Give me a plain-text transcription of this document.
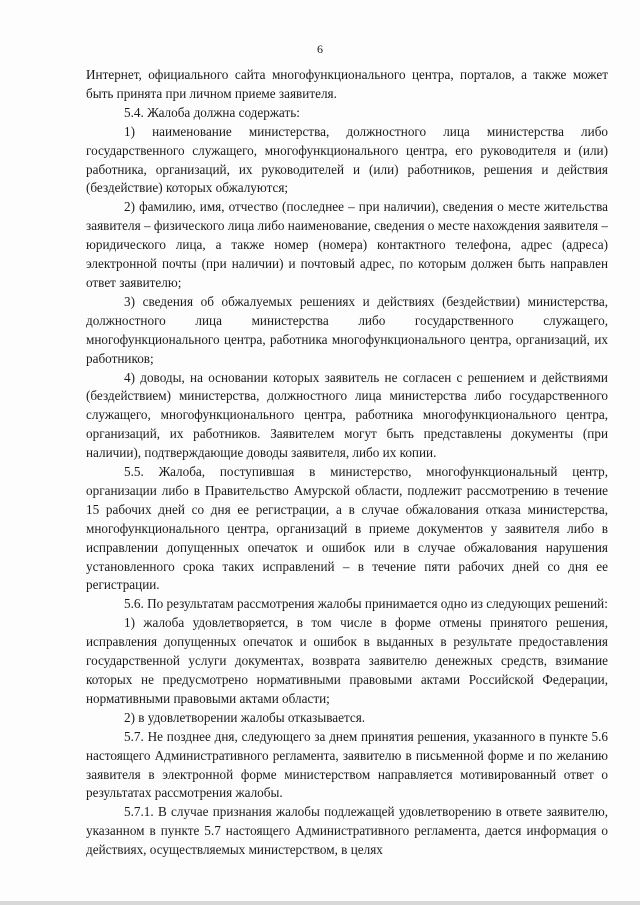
6

Интернет, официального сайта многофункционального центра, порталов, а также может быть принята при личном приеме заявителя.

5.4. Жалоба должна содержать:

1) наименование министерства, должностного лица министерства либо государственного служащего, многофункционального центра, его руководителя и (или) работника, организаций, их руководителей и (или) работников, решения и действия (бездействие) которых обжалуются;

2) фамилию, имя, отчество (последнее – при наличии), сведения о месте жительства заявителя – физического лица либо наименование, сведения о месте нахождения заявителя – юридического лица, а также номер (номера) контактного телефона, адрес (адреса) электронной почты (при наличии) и почтовый адрес, по которым должен быть направлен ответ заявителю;

3) сведения об обжалуемых решениях и действиях (бездействии) министерства, должностного лица министерства либо государственного служащего, многофункционального центра, работника многофункционального центра, организаций, их работников;

4) доводы, на основании которых заявитель не согласен с решением и действиями (бездействием) министерства, должностного лица министерства либо государственного служащего, многофункционального центра, работника многофункционального центра, организаций, их работников. Заявителем могут быть представлены документы (при наличии), подтверждающие доводы заявителя, либо их копии.

5.5. Жалоба, поступившая в министерство, многофункциональный центр, организации либо в Правительство Амурской области, подлежит рассмотрению в течение 15 рабочих дней со дня ее регистрации, а в случае обжалования отказа министерства, многофункционального центра, организаций в приеме документов у заявителя либо в исправлении допущенных опечаток и ошибок или в случае обжалования нарушения установленного срока таких исправлений – в течение пяти рабочих дней со дня ее регистрации.

5.6. По результатам рассмотрения жалобы принимается одно из следующих решений:

1) жалоба удовлетворяется, в том числе в форме отмены принятого решения, исправления допущенных опечаток и ошибок в выданных в результате предоставления государственной услуги документах, возврата заявителю денежных средств, взимание которых не предусмотрено нормативными правовыми актами Российской Федерации, нормативными правовыми актами области;

2) в удовлетворении жалобы отказывается.

5.7. Не позднее дня, следующего за днем принятия решения, указанного в пункте 5.6 настоящего Административного регламента, заявителю в письменной форме и по желанию заявителя в электронной форме министерством направляется мотивированный ответ о результатах рассмотрения жалобы.

5.7.1. В случае признания жалобы подлежащей удовлетворению в ответе заявителю, указанном в пункте 5.7 настоящего Административного регламента, дается информация о действиях, осуществляемых министерством, в целях
